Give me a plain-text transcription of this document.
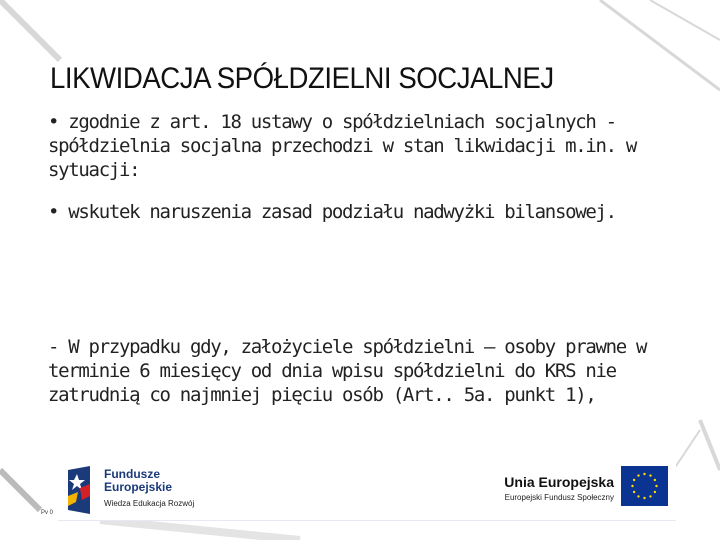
LIKWIDACJA SPÓŁDZIELNI SOCJALNEJ
• zgodnie z art. 18 ustawy o spółdzielniach socjalnych - spółdzielnia socjalna przechodzi w stan likwidacji m.in. w sytuacji:
• wskutek naruszenia zasad podziału nadwyżki bilansowej.
- W przypadku gdy, założyciele spółdzielni – osoby prawne w terminie 6 miesięcy od dnia wpisu spółdzielni do KRS nie zatrudnią co najmniej pięciu osób (Art.. 5a. punkt 1),
Fundusze
Europejskie
Wiedza Edukacja Rozwój
Unia Europejska
Europejski Fundusz Społeczny
Pv 0
